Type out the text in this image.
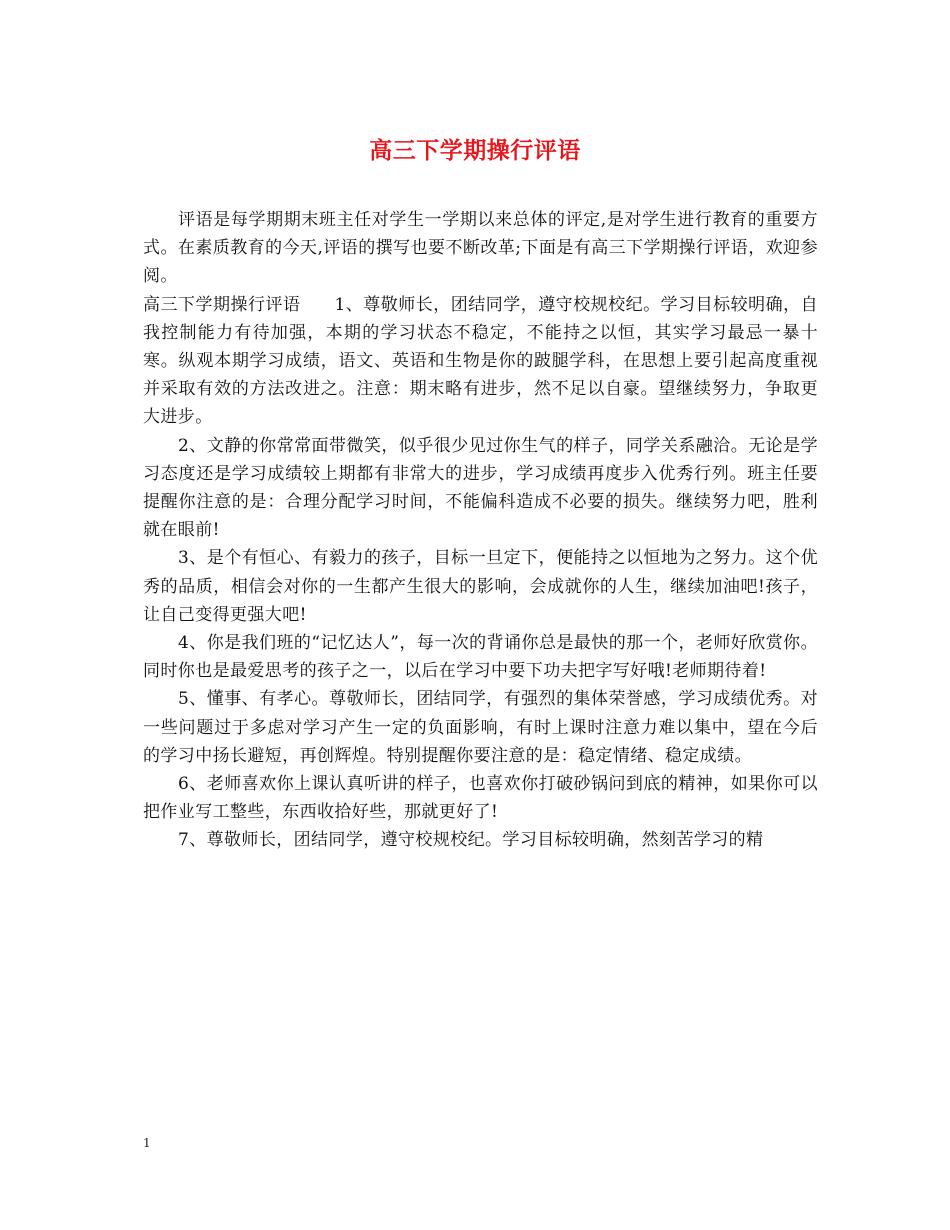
高三下学期操行评语

评语是每学期期末班主任对学生一学期以来总体的评定,是对学生进行教育的重要方式。在素质教育的今天,评语的撰写也要不断改革;下面是有高三下学期操行评语，欢迎参阅。

高三下学期操行评语 1、尊敬师长，团结同学，遵守校规校纪。学习目标较明确，自我控制能力有待加强，本期的学习状态不稳定，不能持之以恒，其实学习最忌一暴十寒。纵观本期学习成绩，语文、英语和生物是你的跛腿学科，在思想上要引起高度重视并采取有效的方法改进之。注意：期末略有进步，然不足以自豪。望继续努力，争取更大进步。

2、文静的你常常面带微笑，似乎很少见过你生气的样子，同学关系融洽。无论是学习态度还是学习成绩较上期都有非常大的进步，学习成绩再度步入优秀行列。班主任要提醒你注意的是：合理分配学习时间，不能偏科造成不必要的损失。继续努力吧，胜利就在眼前!

3、是个有恒心、有毅力的孩子，目标一旦定下，便能持之以恒地为之努力。这个优秀的品质，相信会对你的一生都产生很大的影响，会成就你的人生，继续加油吧!孩子，让自己变得更强大吧!

4、你是我们班的“记忆达人”，每一次的背诵你总是最快的那一个，老师好欣赏你。同时你也是最爱思考的孩子之一，以后在学习中要下功夫把字写好哦!老师期待着!

5、懂事、有孝心。尊敬师长，团结同学，有强烈的集体荣誉感，学习成绩优秀。对一些问题过于多虑对学习产生一定的负面影响，有时上课时注意力难以集中，望在今后的学习中扬长避短，再创辉煌。特别提醒你要注意的是：稳定情绪、稳定成绩。

6、老师喜欢你上课认真听讲的样子，也喜欢你打破砂锅问到底的精神，如果你可以把作业写工整些，东西收拾好些，那就更好了!

7、尊敬师长，团结同学，遵守校规校纪。学习目标较明确，然刻苦学习的精

1
